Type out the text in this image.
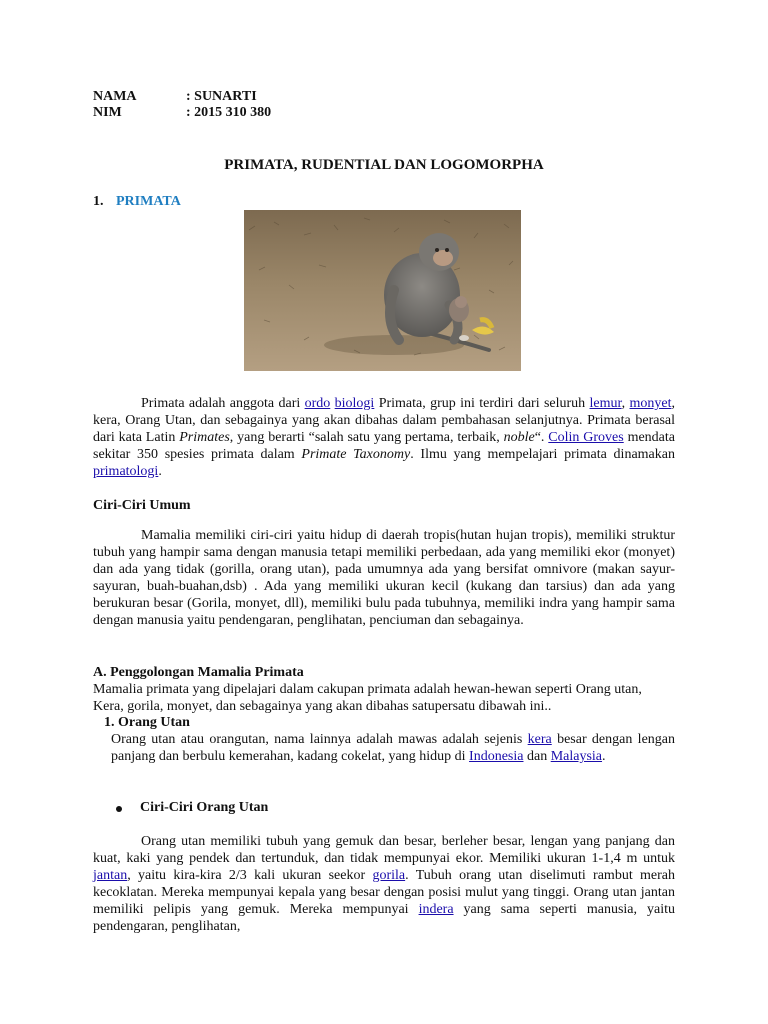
NAMA	: SUNARTI
NIM	: 2015 310 380
PRIMATA, RUDENTIAL DAN LOGOMORPHA
1. PRIMATA
Primata adalah anggota dari ordo biologi Primata, grup ini terdiri dari seluruh lemur, monyet, kera, Orang Utan, dan sebagainya yang akan dibahas dalam pembahasan selanjutnya. Primata berasal dari kata Latin Primates, yang berarti “salah satu yang pertama, terbaik, noble“. Colin Groves mendata sekitar 350 spesies primata dalam Primate Taxonomy. Ilmu yang mempelajari primata dinamakan primatologi.
Ciri-Ciri Umum
Mamalia memiliki ciri-ciri yaitu hidup di daerah tropis(hutan hujan tropis), memiliki struktur tubuh yang hampir sama dengan manusia tetapi memiliki perbedaan, ada yang memiliki ekor (monyet) dan ada yang tidak (gorilla, orang utan), pada umumnya ada yang bersifat omnivore (makan sayur-sayuran, buah-buahan,dsb) . Ada yang memiliki ukuran kecil (kukang dan tarsius) dan ada yang berukuran besar (Gorila, monyet, dll), memiliki bulu pada tubuhnya, memiliki indra yang hampir sama dengan manusia yaitu pendengaran, penglihatan, penciuman dan sebagainya.
A. Penggolongan Mamalia Primata
Mamalia primata yang dipelajari dalam cakupan primata adalah hewan-hewan seperti Orang utan, Kera, gorila, monyet, dan sebagainya yang akan dibahas satupersatu dibawah ini..
1. Orang Utan
Orang utan atau orangutan, nama lainnya adalah mawas adalah sejenis kera besar dengan lengan panjang dan berbulu kemerahan, kadang cokelat, yang hidup di Indonesia dan Malaysia.
Ciri-Ciri Orang Utan
Orang utan memiliki tubuh yang gemuk dan besar, berleher besar, lengan yang panjang dan kuat, kaki yang pendek dan tertunduk, dan tidak mempunyai ekor. Memiliki ukuran 1-1,4 m untuk jantan, yaitu kira-kira 2/3 kali ukuran seekor gorila. Tubuh orang utan diselimuti rambut merah kecoklatan. Mereka mempunyai kepala yang besar dengan posisi mulut yang tinggi. Orang utan jantan memiliki pelipis yang gemuk. Mereka mempunyai indera yang sama seperti manusia, yaitu pendengaran, penglihatan,
